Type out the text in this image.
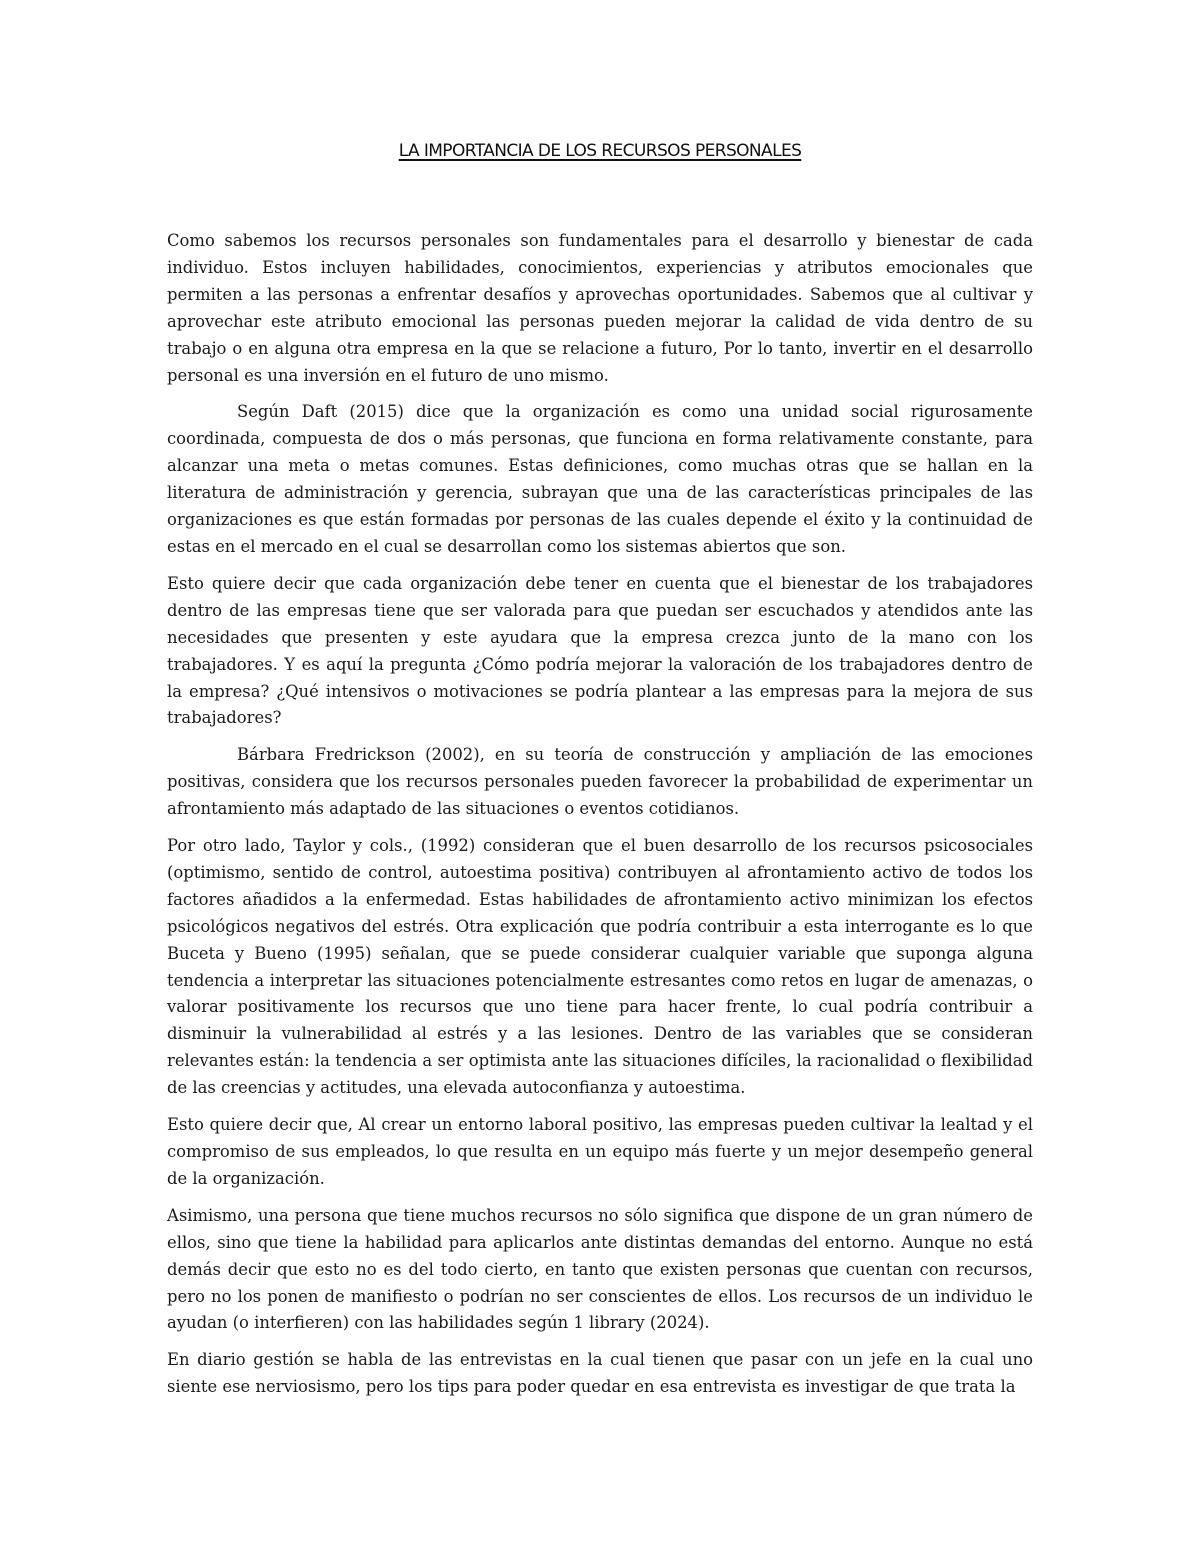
LA IMPORTANCIA DE LOS RECURSOS PERSONALES

Como sabemos los recursos personales son fundamentales para el desarrollo y bienestar de cada individuo. Estos incluyen habilidades, conocimientos, experiencias y atributos emocionales que permiten a las personas a enfrentar desafíos y aprovechas oportunidades. Sabemos que al cultivar y aprovechar este atributo emocional las personas pueden mejorar la calidad de vida dentro de su trabajo o en alguna otra empresa en la que se relacione a futuro, Por lo tanto, invertir en el desarrollo personal es una inversión en el futuro de uno mismo.

Según Daft (2015) dice que la organización es como una unidad social rigurosamente coordinada, compuesta de dos o más personas, que funciona en forma relativamente constante, para alcanzar una meta o metas comunes. Estas definiciones, como muchas otras que se hallan en la literatura de administración y gerencia, subrayan que una de las características principales de las organizaciones es que están formadas por personas de las cuales depende el éxito y la continuidad de estas en el mercado en el cual se desarrollan como los sistemas abiertos que son.

Esto quiere decir que cada organización debe tener en cuenta que el bienestar de los trabajadores dentro de las empresas tiene que ser valorada para que puedan ser escuchados y atendidos ante las necesidades que presenten y este ayudara que la empresa crezca junto de la mano con los trabajadores. Y es aquí la pregunta ¿Cómo podría mejorar la valoración de los trabajadores dentro de la empresa? ¿Qué intensivos o motivaciones se podría plantear a las empresas para la mejora de sus trabajadores?

Bárbara Fredrickson (2002), en su teoría de construcción y ampliación de las emociones positivas, considera que los recursos personales pueden favorecer la probabilidad de experimentar un afrontamiento más adaptado de las situaciones o eventos cotidianos.

Por otro lado, Taylor y cols., (1992) consideran que el buen desarrollo de los recursos psicosociales (optimismo, sentido de control, autoestima positiva) contribuyen al afrontamiento activo de todos los factores añadidos a la enfermedad. Estas habilidades de afrontamiento activo minimizan los efectos psicológicos negativos del estrés. Otra explicación que podría contribuir a esta interrogante es lo que Buceta y Bueno (1995) señalan, que se puede considerar cualquier variable que suponga alguna tendencia a interpretar las situaciones potencialmente estresantes como retos en lugar de amenazas, o valorar positivamente los recursos que uno tiene para hacer frente, lo cual podría contribuir a disminuir la vulnerabilidad al estrés y a las lesiones. Dentro de las variables que se consideran relevantes están: la tendencia a ser optimista ante las situaciones difíciles, la racionalidad o flexibilidad de las creencias y actitudes, una elevada autoconfianza y autoestima.

Esto quiere decir que, Al crear un entorno laboral positivo, las empresas pueden cultivar la lealtad y el compromiso de sus empleados, lo que resulta en un equipo más fuerte y un mejor desempeño general de la organización.

Asimismo, una persona que tiene muchos recursos no sólo significa que dispone de un gran número de ellos, sino que tiene la habilidad para aplicarlos ante distintas demandas del entorno. Aunque no está demás decir que esto no es del todo cierto, en tanto que existen personas que cuentan con recursos, pero no los ponen de manifiesto o podrían no ser conscientes de ellos. Los recursos de un individuo le ayudan (o interfieren) con las habilidades según 1 library (2024).

En diario gestión se habla de las entrevistas en la cual tienen que pasar con un jefe en la cual uno siente ese nerviosismo, pero los tips para poder quedar en esa entrevista es investigar de que trata la
